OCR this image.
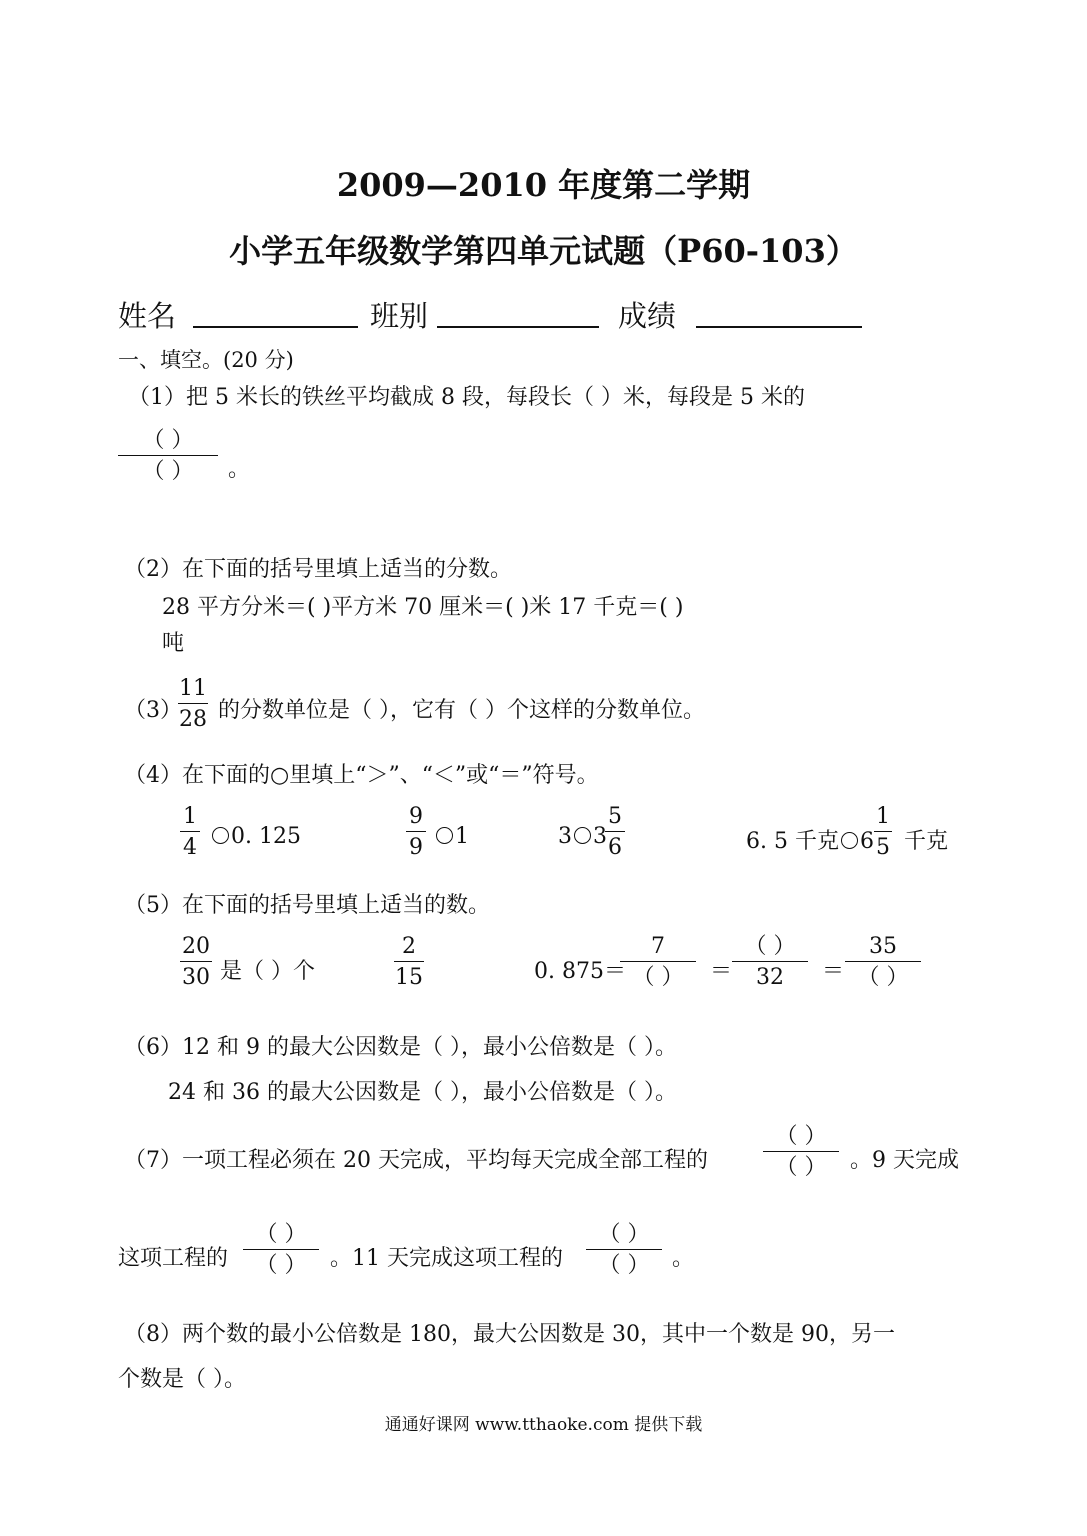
2009—2010 年度第二学期
小学五年级数学第四单元试题（P60-103）
姓名	班别	成绩
一、填空。(20 分)
（1）把 5 米长的铁丝平均截成 8 段，每段长（ ）米，每段是 5 米的
（ ）
（ ） 。
（2）在下面的括号里填上适当的分数。
28 平方分米＝( )平方米 70 厘米＝( )米 17 千克＝( )
吨
（3）
11
28 的分数单位是（ ），它有（ ）个这样的分数单位。
（4）在下面的○里填上“＞”、“＜”或“＝”符号。
1
4	0. 125
9
9	1	3 3
5
6	6. 5 千克 6
1
5 千克
（5）在下面的括号里填上适当的数。
20
30 是（ ）个
2
15	0. 875＝
7
（ ） ＝
（ ）
32 ＝
35
（ ）
（6）12 和 9 的最大公因数是（ ），最小公倍数是（ ）。
24 和 36 的最大公因数是（ ），最小公倍数是（ ）。
（7）一项工程必须在 20 天完成，平均每天完成全部工程的
（ ）
（ ） 。9 天完成
这项工程的
（ ）
（ ） 。11 天完成这项工程的
（ ）
（ ） 。
（8）两个数的最小公倍数是 180，最大公因数是 30，其中一个数是 90，另一
个数是（ ）。
通通好课网 www.tthaoke.com 提供下载
